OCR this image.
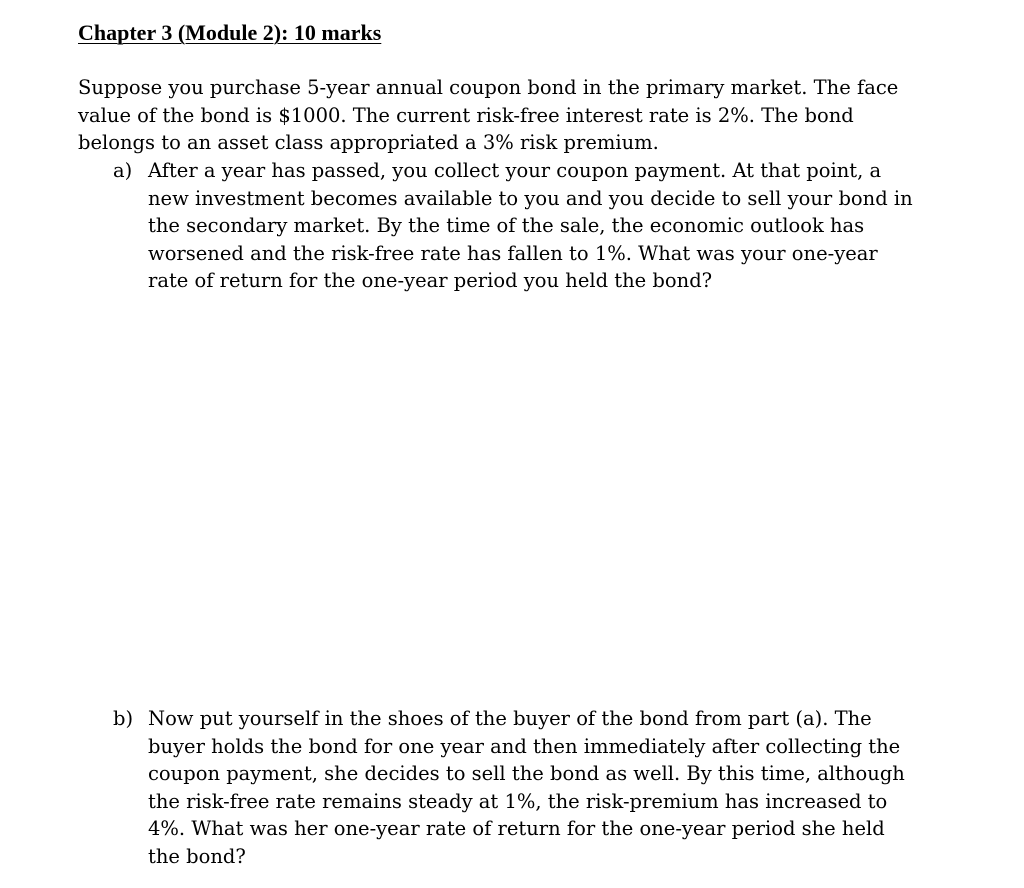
Chapter 3 (Module 2): 10 marks
Suppose you purchase 5-year annual coupon bond in the primary market. The face
value of the bond is $1000. The current risk-free interest rate is 2%. The bond
belongs to an asset class appropriated a 3% risk premium.
a) After a year has passed, you collect your coupon payment. At that point, a
new investment becomes available to you and you decide to sell your bond in
the secondary market. By the time of the sale, the economic outlook has
worsened and the risk-free rate has fallen to 1%. What was your one-year
rate of return for the one-year period you held the bond?
b) Now put yourself in the shoes of the buyer of the bond from part (a). The
buyer holds the bond for one year and then immediately after collecting the
coupon payment, she decides to sell the bond as well. By this time, although
the risk-free rate remains steady at 1%, the risk-premium has increased to
4%. What was her one-year rate of return for the one-year period she held
the bond?
